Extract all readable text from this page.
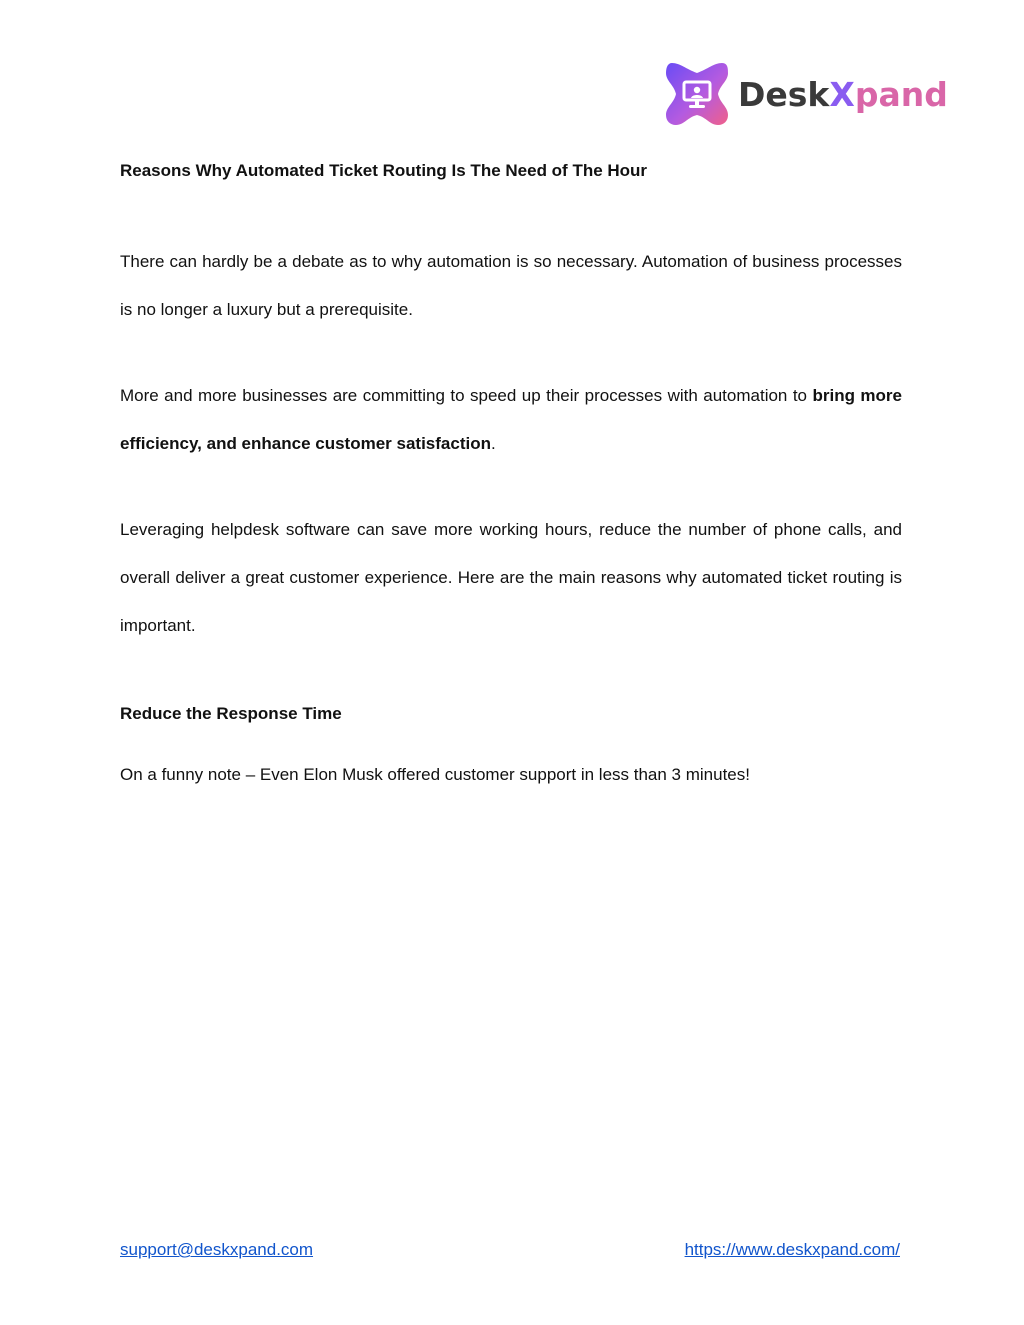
DeskXpand
Reasons Why Automated Ticket Routing Is The Need of The Hour

There can hardly be a debate as to why automation is so necessary. Automation of business processes is no longer a luxury but a prerequisite.

More and more businesses are committing to speed up their processes with automation to bring more efficiency, and enhance customer satisfaction.

Leveraging helpdesk software can save more working hours, reduce the number of phone calls, and overall deliver a great customer experience. Here are the main reasons why automated ticket routing is important.

Reduce the Response Time

On a funny note – Even Elon Musk offered customer support in less than 3 minutes!

support@deskxpand.com	https://www.deskxpand.com/
